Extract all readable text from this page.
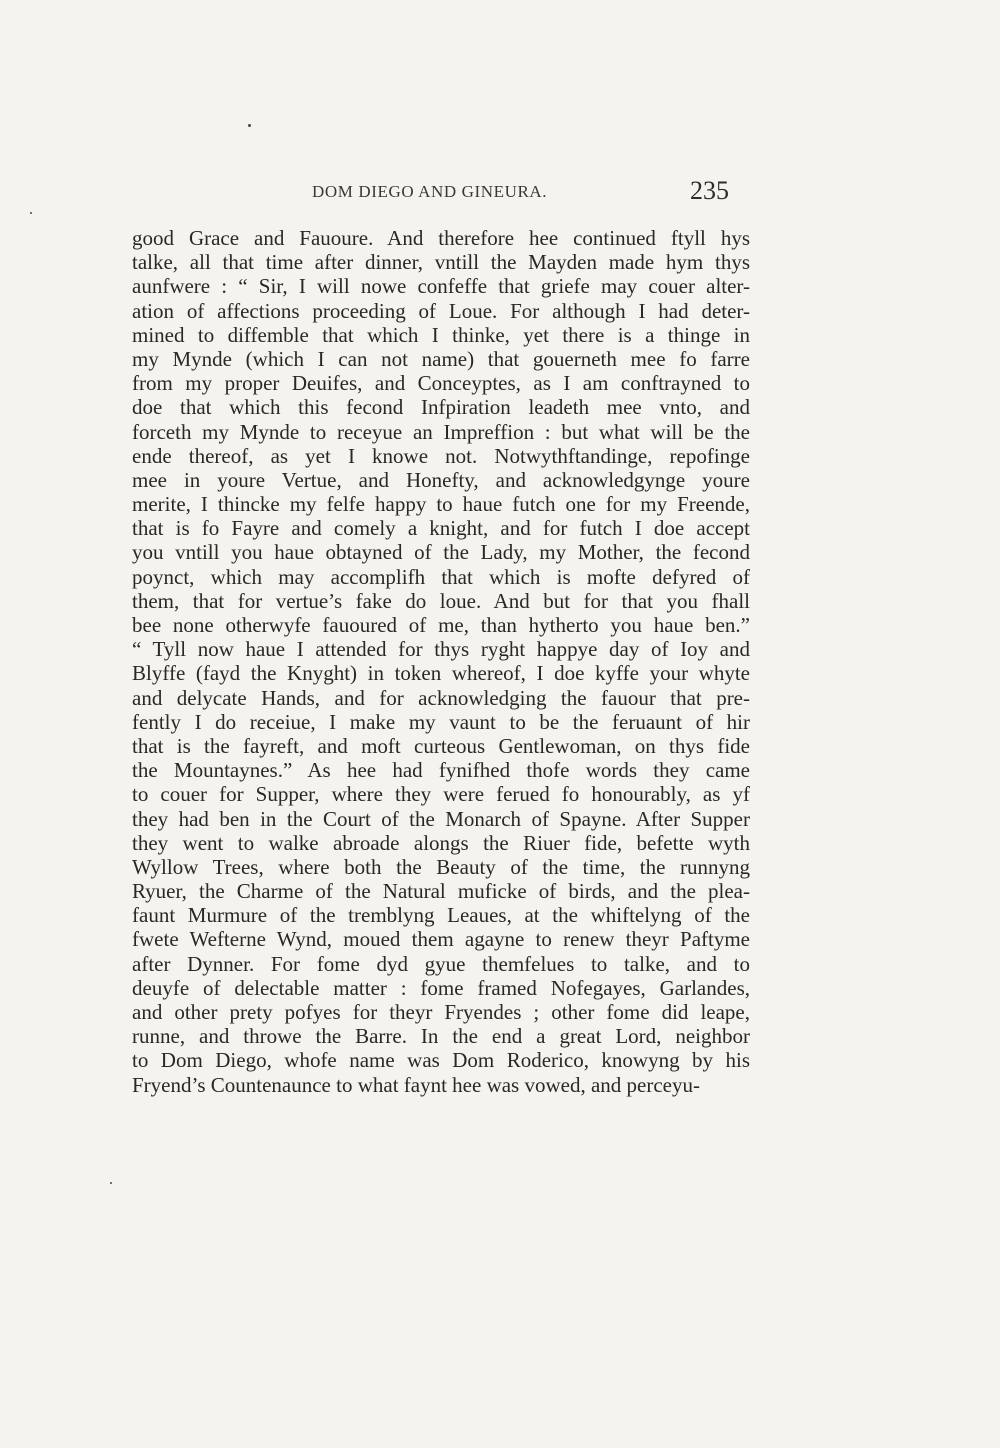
DOM DIEGO AND GINEURA.	235
good Grace and Fauoure. And therefore hee continued ftyll hys
talke, all that time after dinner, vntill the Mayden made hym thys
aunfwere : “ Sir, I will nowe confeffe that griefe may couer alter-
ation of affections proceeding of Loue. For although I had deter-
mined to diffemble that which I thinke, yet there is a thinge in
my Mynde (which I can not name) that gouerneth mee fo farre
from my proper Deuifes, and Conceyptes, as I am conftrayned to
doe that which this fecond Infpiration leadeth mee vnto, and
forceth my Mynde to receyue an Impreffion : but what will be the
ende thereof, as yet I knowe not. Notwythftandinge, repofinge
mee in youre Vertue, and Honefty, and acknowledgynge youre
merite, I thincke my felfe happy to haue futch one for my Freende,
that is fo Fayre and comely a knight, and for futch I doe accept
you vntill you haue obtayned of the Lady, my Mother, the fecond
poynct, which may accomplifh that which is mofte defyred of
them, that for vertue’s fake do loue. And but for that you fhall
bee none otherwyfe fauoured of me, than hytherto you haue ben.”
“ Tyll now haue I attended for thys ryght happye day of Ioy and
Blyffe (fayd the Knyght) in token whereof, I doe kyffe your whyte
and delycate Hands, and for acknowledging the fauour that pre-
fently I do receiue, I make my vaunt to be the feruaunt of hir
that is the fayreft, and moft curteous Gentlewoman, on thys fide
the Mountaynes.” As hee had fynifhed thofe words they came
to couer for Supper, where they were ferued fo honourably, as yf
they had ben in the Court of the Monarch of Spayne. After Supper
they went to walke abroade alongs the Riuer fide, befette wyth
Wyllow Trees, where both the Beauty of the time, the runnyng
Ryuer, the Charme of the Natural muficke of birds, and the plea-
faunt Murmure of the tremblyng Leaues, at the whiftelyng of the
fwete Wefterne Wynd, moued them agayne to renew theyr Paftyme
after Dynner. For fome dyd gyue themfelues to talke, and to
deuyfe of delectable matter : fome framed Nofegayes, Garlandes,
and other prety pofyes for theyr Fryendes ; other fome did leape,
runne, and throwe the Barre. In the end a great Lord, neighbor
to Dom Diego, whofe name was Dom Roderico, knowyng by his
Fryend’s Countenaunce to what faynt hee was vowed, and perceyu-
